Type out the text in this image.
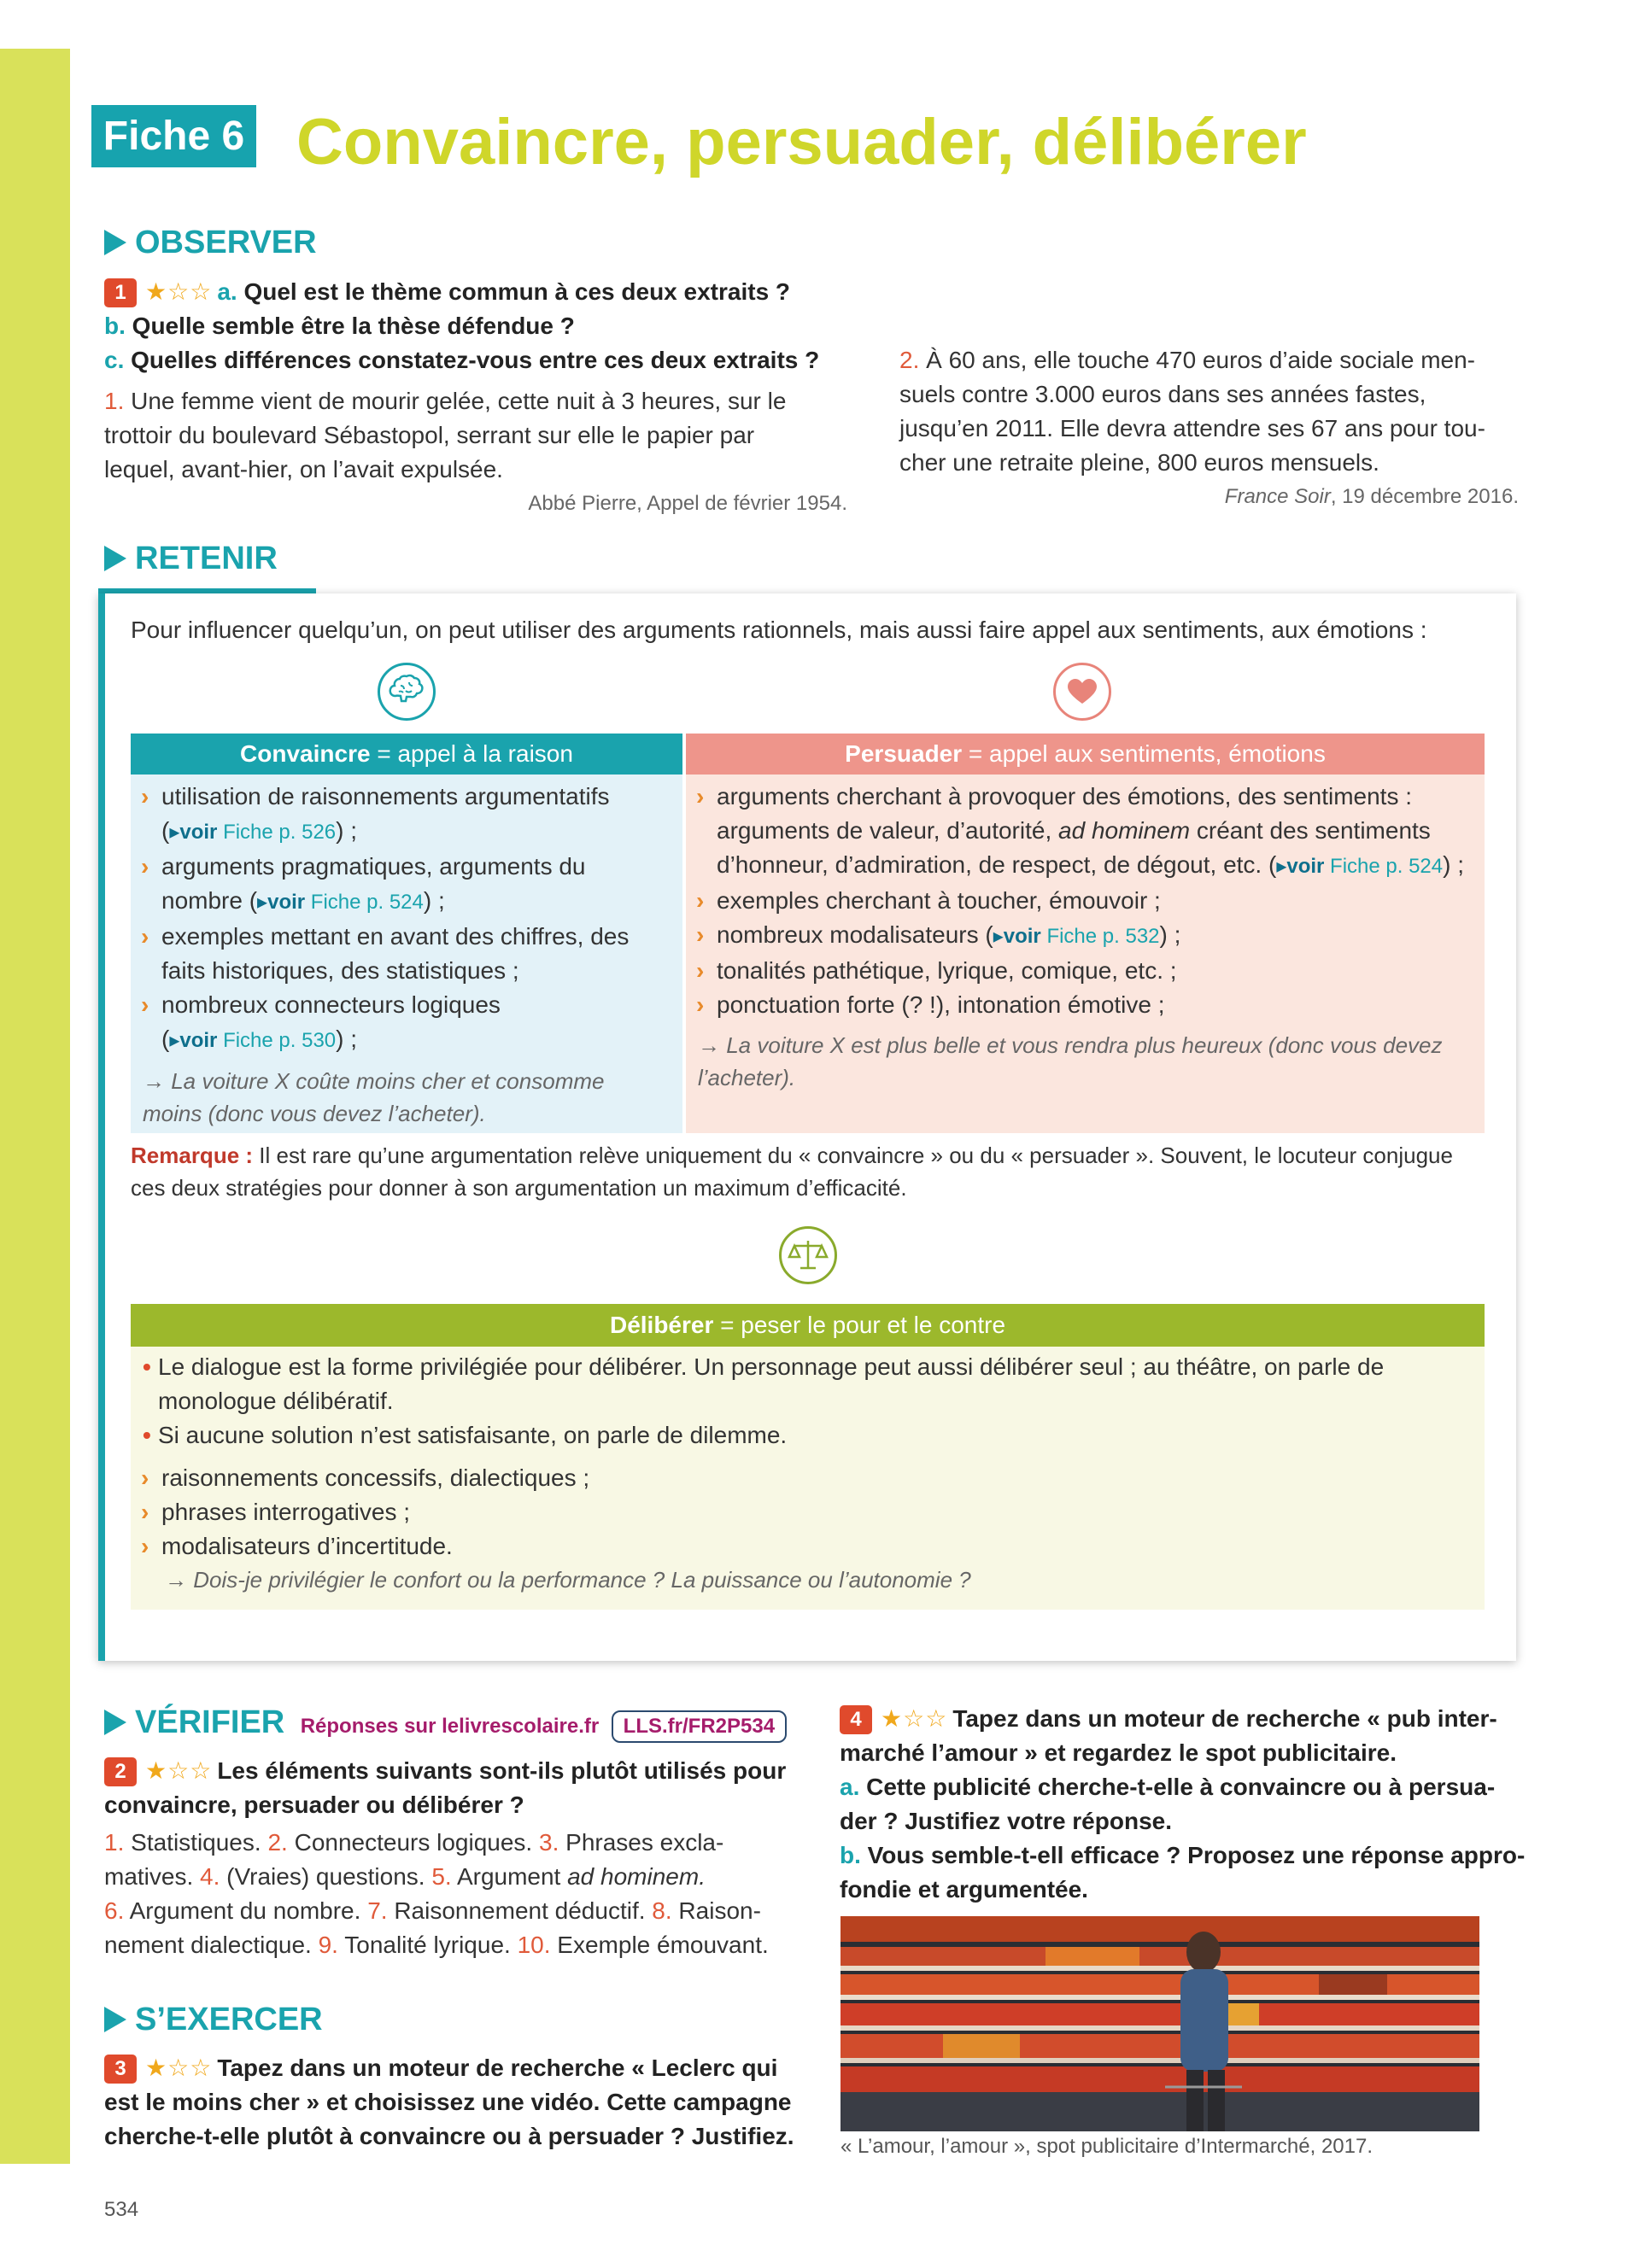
Fiche 6 Convaincre, persuader, délibérer
OBSERVER
1 ★☆☆ a. Quel est le thème commun à ces deux extraits ?
b. Quelle semble être la thèse défendue ?
c. Quelles différences constatez-vous entre ces deux extraits ?
1. Une femme vient de mourir gelée, cette nuit à 3 heures, sur le
trottoir du boulevard Sébastopol, serrant sur elle le papier par
lequel, avant-hier, on l’avait expulsée.
Abbé Pierre, Appel de février 1954.
2. À 60 ans, elle touche 470 euros d’aide sociale men-
suels contre 3.000 euros dans ses années fastes,
jusqu’en 2011. Elle devra attendre ses 67 ans pour tou-
cher une retraite pleine, 800 euros mensuels.
France Soir, 19 décembre 2016.
RETENIR
Pour influencer quelqu’un, on peut utiliser des arguments rationnels, mais aussi faire appel aux sentiments, aux émotions :
Convaincre = appel à la raison
› utilisation de raisonnements argumentatifs
(▸voir Fiche p. 526) ;
› arguments pragmatiques, arguments du
nombre (▸voir Fiche p. 524) ;
› exemples mettant en avant des chiffres, des
faits historiques, des statistiques ;
› nombreux connecteurs logiques
(▸voir Fiche p. 530) ;
→ La voiture X coûte moins cher et consomme
moins (donc vous devez l’acheter).
Persuader = appel aux sentiments, émotions
› arguments cherchant à provoquer des émotions, des sentiments :
arguments de valeur, d’autorité, ad hominem créant des sentiments
d’honneur, d’admiration, de respect, de dégout, etc. (▸voir Fiche p. 524) ;
› exemples cherchant à toucher, émouvoir ;
› nombreux modalisateurs (▸voir Fiche p. 532) ;
› tonalités pathétique, lyrique, comique, etc. ;
› ponctuation forte (? !), intonation émotive ;
→ La voiture X est plus belle et vous rendra plus heureux (donc vous devez
l’acheter).
Remarque : Il est rare qu’une argumentation relève uniquement du « convaincre » ou du « persuader ». Souvent, le locuteur conjugue
ces deux stratégies pour donner à son argumentation un maximum d’efficacité.
Délibérer = peser le pour et le contre
• Le dialogue est la forme privilégiée pour délibérer. Un personnage peut aussi délibérer seul ; au théâtre, on parle de
monologue délibératif.
• Si aucune solution n’est satisfaisante, on parle de dilemme.
› raisonnements concessifs, dialectiques ;
› phrases interrogatives ;
› modalisateurs d’incertitude.
→ Dois-je privilégier le confort ou la performance ? La puissance ou l’autonomie ?
VÉRIFIER Réponses sur lelivrescolaire.fr LLS.fr/FR2P534
2 ★☆☆ Les éléments suivants sont-ils plutôt utilisés pour
convaincre, persuader ou délibérer ?
1. Statistiques. 2. Connecteurs logiques. 3. Phrases excla-
matives. 4. (Vraies) questions. 5. Argument ad hominem.
6. Argument du nombre. 7. Raisonnement déductif. 8. Raison-
nement dialectique. 9. Tonalité lyrique. 10. Exemple émouvant.
S’EXERCER
3 ★☆☆ Tapez dans un moteur de recherche « Leclerc qui
est le moins cher » et choisissez une vidéo. Cette campagne
cherche-t-elle plutôt à convaincre ou à persuader ? Justifiez.
4 ★☆☆ Tapez dans un moteur de recherche « pub inter-
marché l’amour » et regardez le spot publicitaire.
a. Cette publicité cherche-t-elle à convaincre ou à persua-
der ? Justifiez votre réponse.
b. Vous semble-t-ell efficace ? Proposez une réponse appro-
fondie et argumentée.
« L’amour, l’amour », spot publicitaire d’Intermarché, 2017.
534
